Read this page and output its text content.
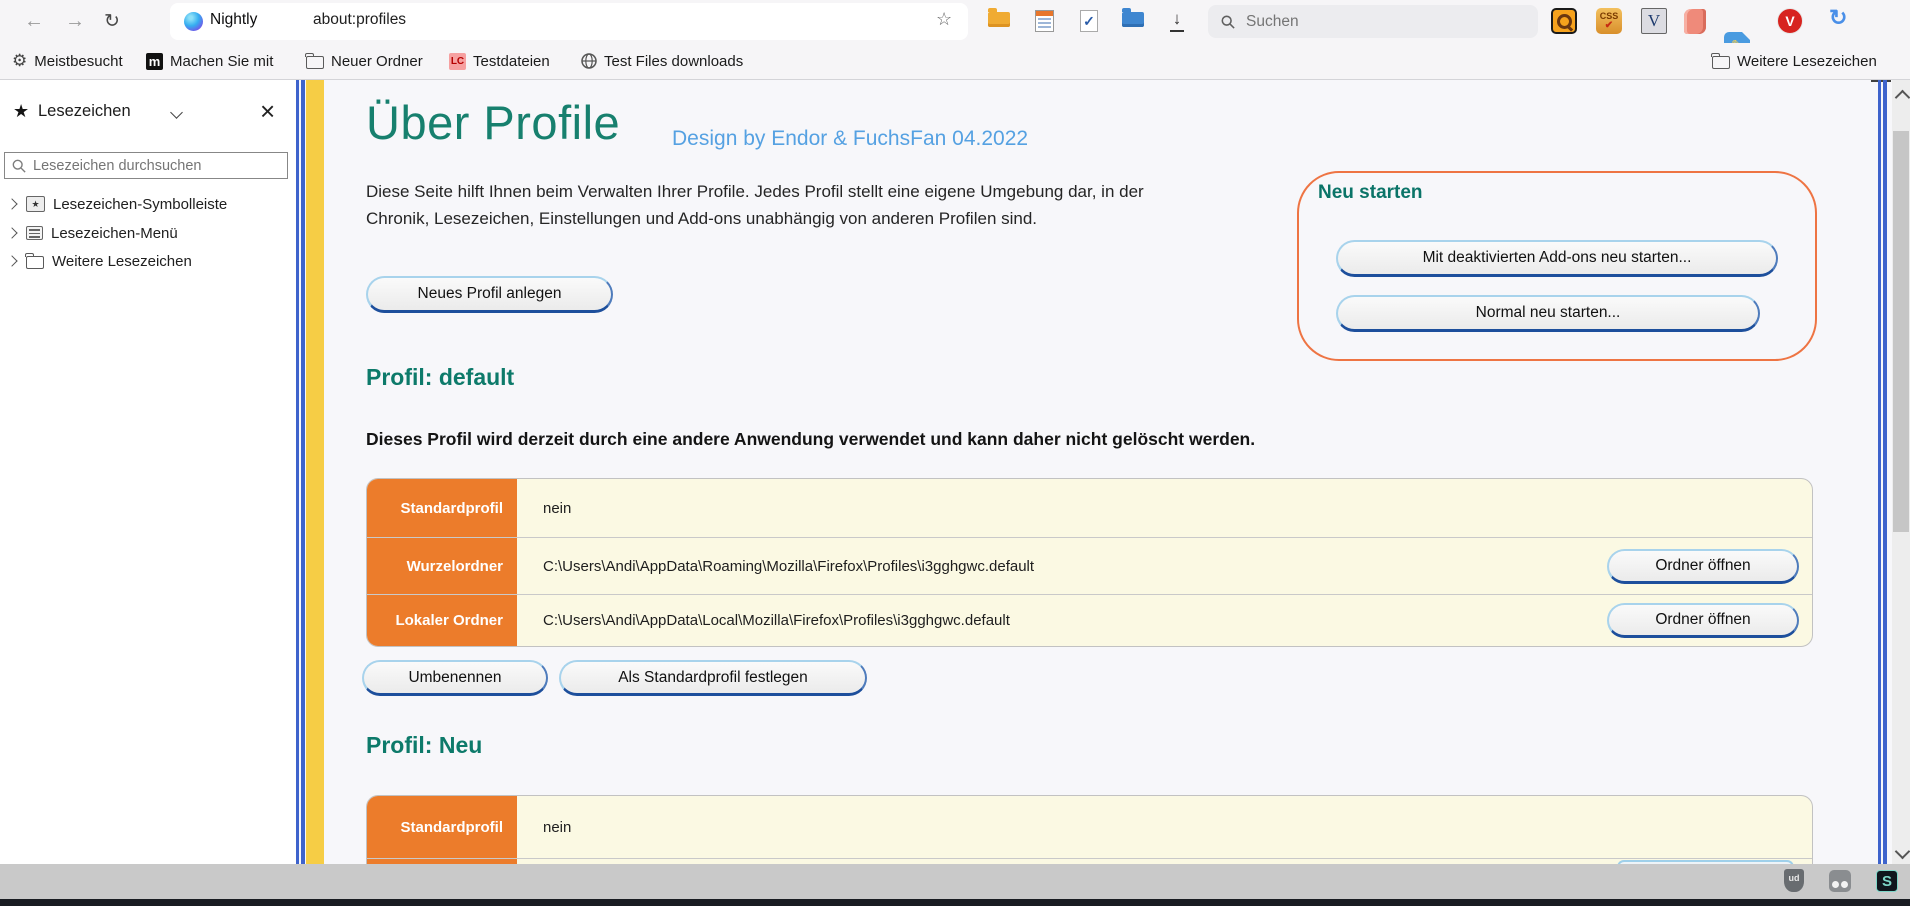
← → ↻	Nightly	about:profiles	☆	✓	↓
Suchen	CSS
✔	V	V	↻
⚙ Meistbesucht m Machen Sie mit	Neuer Ordner	LC Testdateien	Test Files downloads	Weitere Lesezeichen
★ Lesezeichen	×
Lesezeichen durchsuchen
★ Lesezeichen-Symbolleiste
Lesezeichen-Menü
Weitere Lesezeichen
Über Profile Design by Endor & FuchsFan 04.2022
Diese Seite hilft Ihnen beim Verwalten Ihrer Profile. Jedes Profil stellt eine eigene Umgebung dar, in der
Chronik, Lesezeichen, Einstellungen und Add-ons unabhängig von anderen Profilen sind.
Neues Profil anlegen
Neu starten
Mit deaktivierten Add-ons neu starten...
Normal neu starten...
Profil: default
Dieses Profil wird derzeit durch eine andere Anwendung verwendet und kann daher nicht gelöscht werden.
Standardprofil	nein
Wurzelordner	C:\Users\Andi\AppData\Roaming\Mozilla\Firefox\Profiles\i3gghgwc.default	Ordner öffnen
Lokaler Ordner	C:\Users\Andi\AppData\Local\Mozilla\Firefox\Profiles\i3gghgwc.default	Ordner öffnen
Umbenennen	Als Standardprofil festlegen
Profil: Neu
Standardprofil	nein
ud	S
